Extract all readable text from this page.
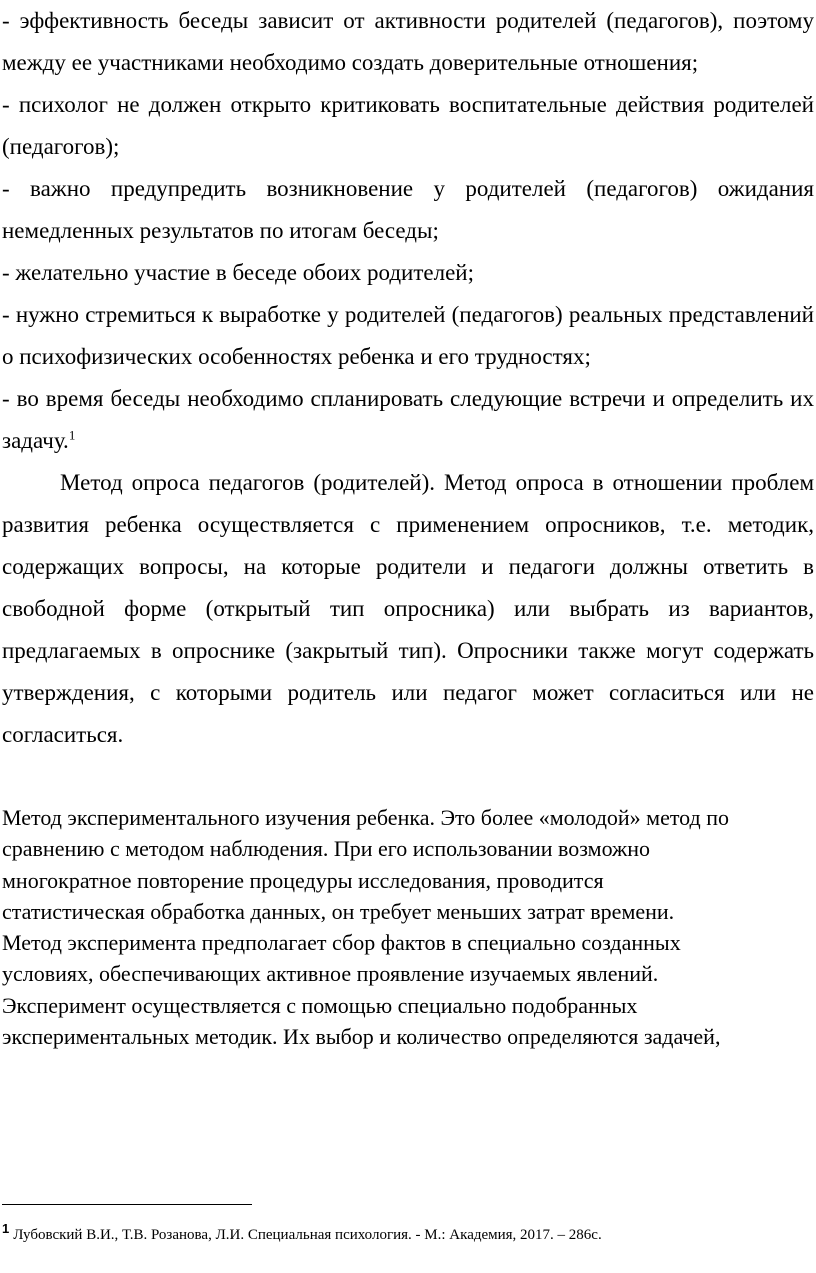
- эффективность беседы зависит от активности родителей (педагогов), поэтому между ее участниками необходимо создать доверительные отношения;

- психолог не должен открыто критиковать воспитательные действия родителей (педагогов);

- важно предупредить возникновение у родителей (педагогов) ожидания немедленных результатов по итогам беседы;

- желательно участие в беседе обоих родителей;

- нужно стремиться к выработке у родителей (педагогов) реальных представлений о психофизических особенностях ребенка и его трудностях;

- во время беседы необходимо спланировать следующие встречи и определить их задачу.$^1$

Метод опроса педагогов (родителей). Метод опроса в отношении проблем развития ребенка осуществляется с применением опросников, т.е. методик, содержащих вопросы, на которые родители и педагоги должны ответить в свободной форме (открытый тип опросника) или выбрать из вариантов, предлагаемых в опроснике (закрытый тип). Опросники также могут содержать утверждения, с которыми родитель или педагог может согласиться или не согласиться.

Метод экспериментального изучения ребенка. Это более «молодой» метод по
сравнению с методом наблюдения. При его использовании возможно
многократное повторение процедуры исследования, проводится
статистическая обработка данных, он требует меньших затрат времени.
Метод эксперимента предполагает сбор фактов в специально созданных
условиях, обеспечивающих активное проявление изучаемых явлений.
Эксперимент осуществляется с помощью специально подобранных
экспериментальных методик. Их выбор и количество определяются задачей,
1 Лубовский В.И., Т.В. Розанова, Л.И. Специальная психология. - М.: Академия, 2017. – 286с.
